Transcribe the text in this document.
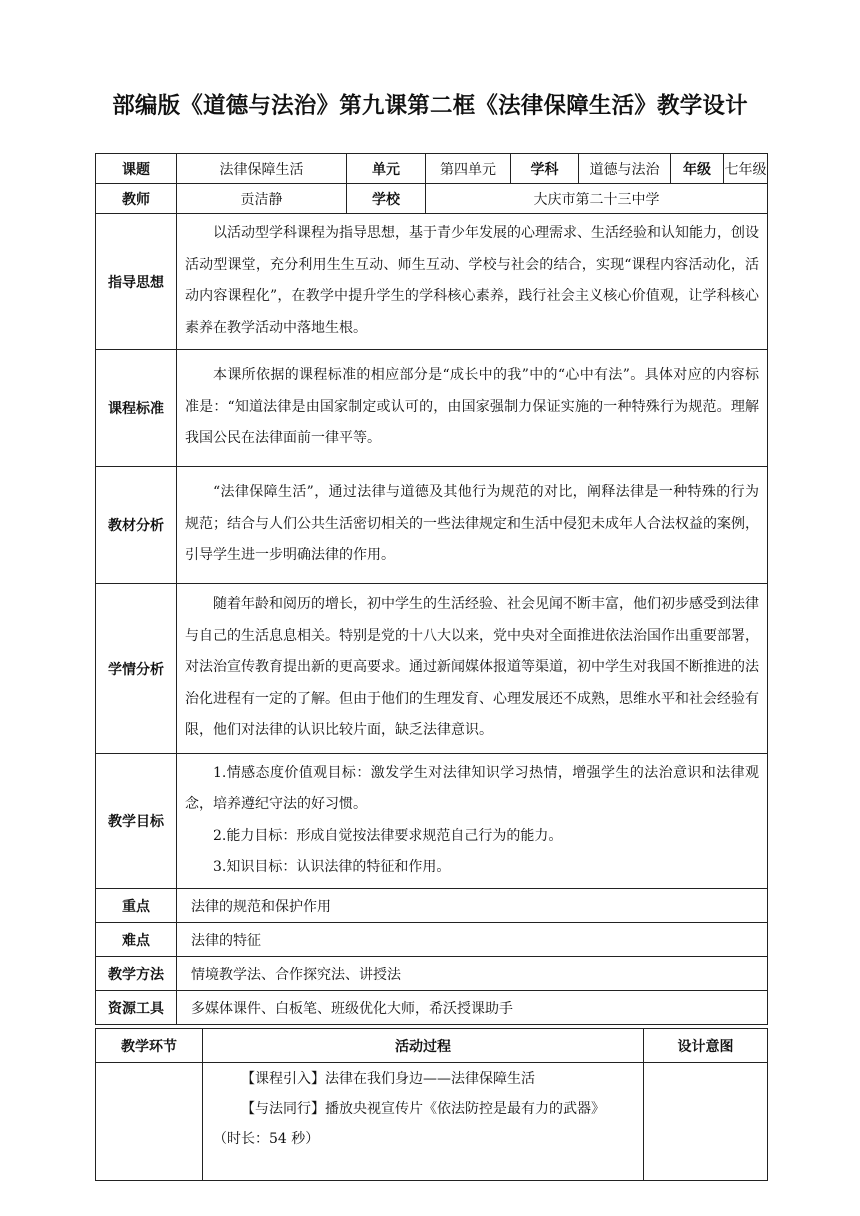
部编版《道德与法治》第九课第二框《法律保障生活》教学设计
课题	法律保障生活	单元	第四单元	学科	道德与法治	年级	七年级
教师	贡洁静	学校	大庆市第二十三中学				
指导思想	以活动型学科课程为指导思想，基于青少年发展的心理需求、生活经验和认知能力，创设活动型课堂，充分利用生生互动、师生互动、学校与社会的结合，实现“课程内容活动化，活动内容课程化”，在教学中提升学生的学科核心素养，践行社会主义核心价值观，让学科核心素养在教学活动中落地生根。						

课程标准	本课所依据的课程标准的相应部分是“成长中的我”中的“心中有法”。具体对应的内容标准是：“知道法律是由国家制定或认可的，由国家强制力保证实施的一种特殊行为规范。理解我国公民在法律面前一律平等。						

教材分析	“法律保障生活”，通过法律与道德及其他行为规范的对比，阐释法律是一种特殊的行为规范；结合与人们公共生活密切相关的一些法律规定和生活中侵犯未成年人合法权益的案例，引导学生进一步明确法律的作用。						

学情分析	随着年龄和阅历的增长，初中学生的生活经验、社会见闻不断丰富，他们初步感受到法律与自己的生活息息相关。特别是党的十八大以来，党中央对全面推进依法治国作出重要部署，对法治宣传教育提出新的更高要求。通过新闻媒体报道等渠道，初中学生对我国不断推进的法治化进程有一定的了解。但由于他们的生理发育、心理发展还不成熟，思维水平和社会经验有限，他们对法律的认识比较片面，缺乏法律意识。						

教学目标	1.情感态度价值观目标：激发学生对法律知识学习热情，增强学生的法治意识和法律观念，培养遵纪守法的好习惯。

2.能力目标：形成自觉按法律要求规范自己行为的能力。

3.知识目标：认识法律的特征和作用。						

重点	法律的规范和保护作用						
难点	法律的特征						
教学方法	情境教学法、合作探究法、讲授法						
资源工具	多媒体课件、白板笔、班级优化大师，希沃授课助手						
教学环节	活动过程	设计意图

	【课程引入】法律在我们身边——法律保障生活

【与法同行】播放央视宣传片《依法防控是最有力的武器》

（时长：54 秒）	
